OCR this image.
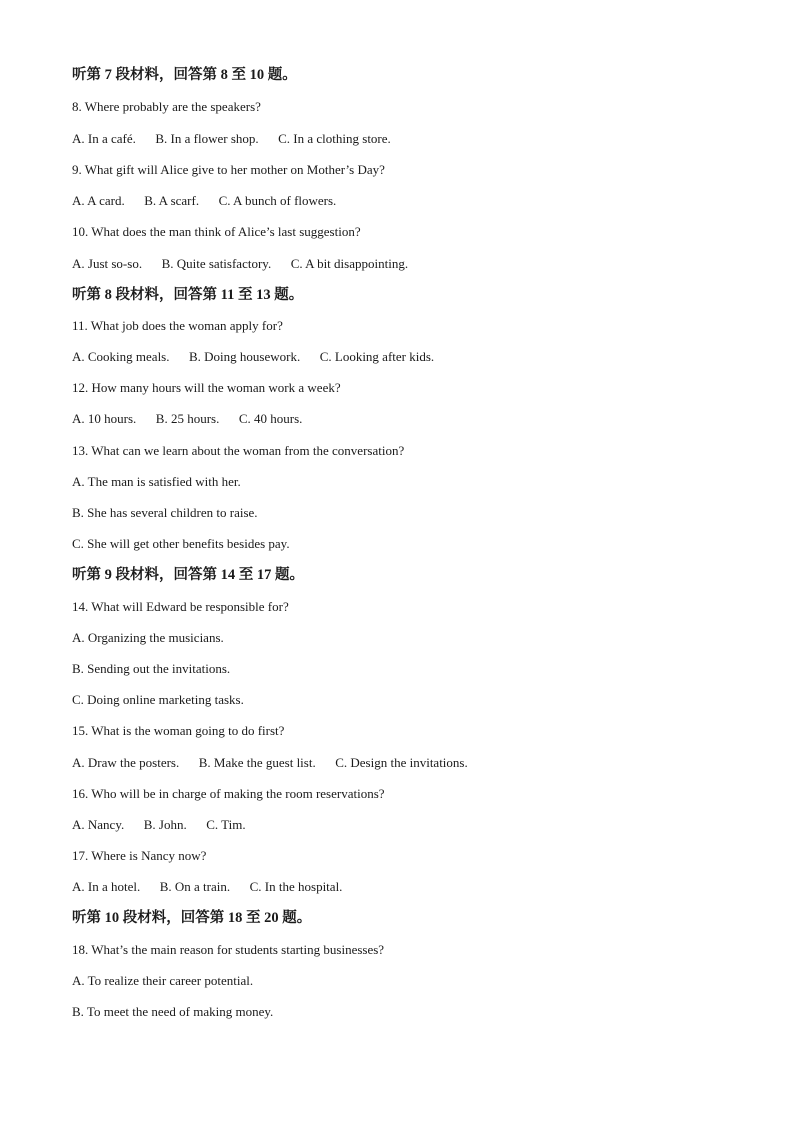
听第 7 段材料，回答第 8 至 10 题。
8. Where probably are the speakers?
A. In a café.      B. In a flower shop.      C. In a clothing store.
9. What gift will Alice give to her mother on Mother’s Day?
A. A card.      B. A scarf.      C. A bunch of flowers.
10. What does the man think of Alice’s last suggestion?
A. Just so-so.      B. Quite satisfactory.      C. A bit disappointing.
听第 8 段材料，回答第 11 至 13 题。
11. What job does the woman apply for?
A. Cooking meals.      B. Doing housework.      C. Looking after kids.
12. How many hours will the woman work a week?
A. 10 hours.      B. 25 hours.      C. 40 hours.
13. What can we learn about the woman from the conversation?
A. The man is satisfied with her.
B. She has several children to raise.
C. She will get other benefits besides pay.
听第 9 段材料，回答第 14 至 17 题。
14. What will Edward be responsible for?
A. Organizing the musicians.
B. Sending out the invitations.
C. Doing online marketing tasks.
15. What is the woman going to do first?
A. Draw the posters.      B. Make the guest list.      C. Design the invitations.
16. Who will be in charge of making the room reservations?
A. Nancy.      B. John.      C. Tim.
17. Where is Nancy now?
A. In a hotel.      B. On a train.      C. In the hospital.
听第 10 段材料，回答第 18 至 20 题。
18. What’s the main reason for students starting businesses?
A. To realize their career potential.
B. To meet the need of making money.
